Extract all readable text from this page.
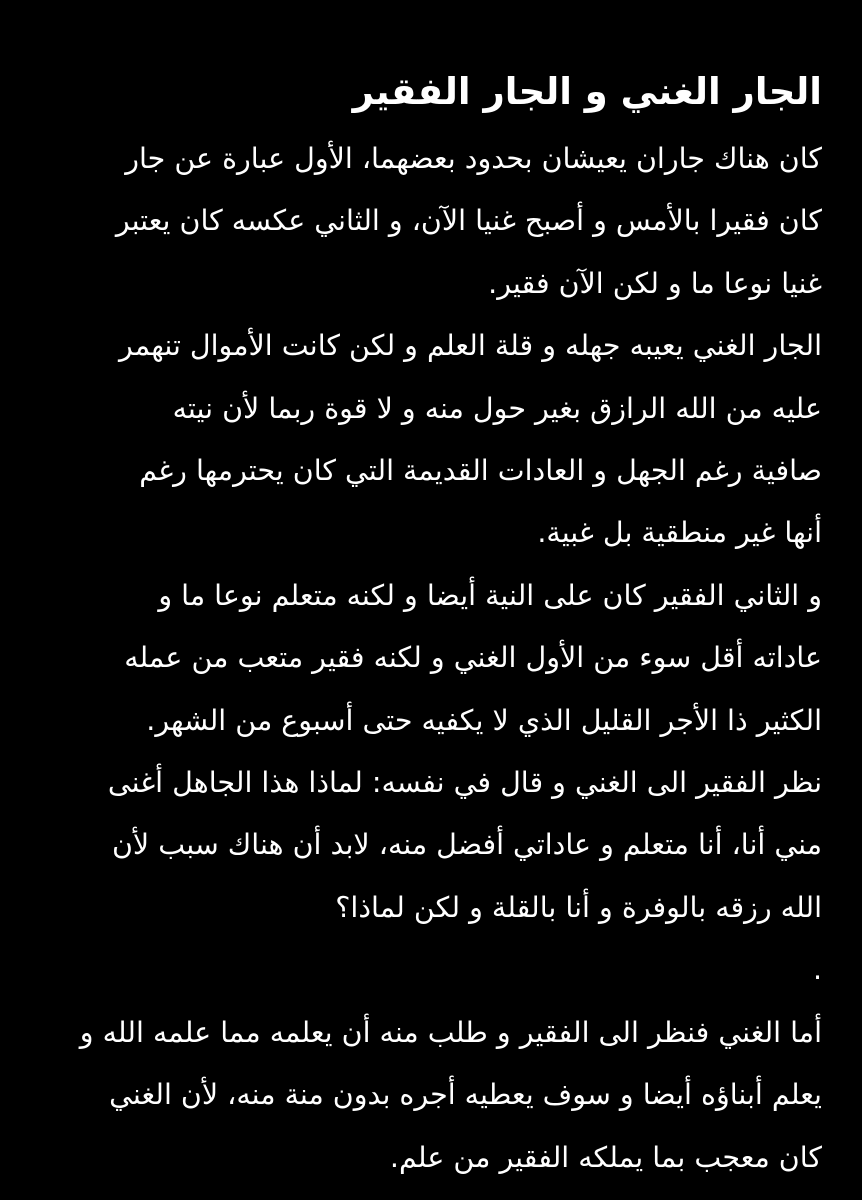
الجار الغني و الجار الفقير
كان هناك جاران يعيشان بحدود بعضهما، الأول عبارة عن جار
كان فقيرا بالأمس و أصبح غنيا الآن، و الثاني عكسه كان يعتبر
غنيا نوعا ما و لكن الآن فقير.
الجار الغني يعيبه جهله و قلة العلم و لكن كانت الأموال تنهمر
عليه من الله الرازق بغير حول منه و لا قوة ربما لأن نيته
صافية رغم الجهل و العادات القديمة التي كان يحترمها رغم
أنها غير منطقية بل غبية.
و الثاني الفقير كان على النية أيضا و لكنه متعلم نوعا ما و
عاداته أقل سوء من الأول الغني و لكنه فقير متعب من عمله
الكثير ذا الأجر القليل الذي لا يكفيه حتى أسبوع من الشهر.
نظر الفقير الى الغني و قال في نفسه: لماذا هذا الجاهل أغنى
مني أنا، أنا متعلم و عاداتي أفضل منه، لابد أن هناك سبب لأن
الله رزقه بالوفرة و أنا بالقلة و لكن لماذا؟
.
أما الغني فنظر الى الفقير و طلب منه أن يعلمه مما علمه الله و
يعلم أبناؤه أيضا و سوف يعطيه أجره بدون منة منه، لأن الغني
كان معجب بما يملكه الفقير من علم.
